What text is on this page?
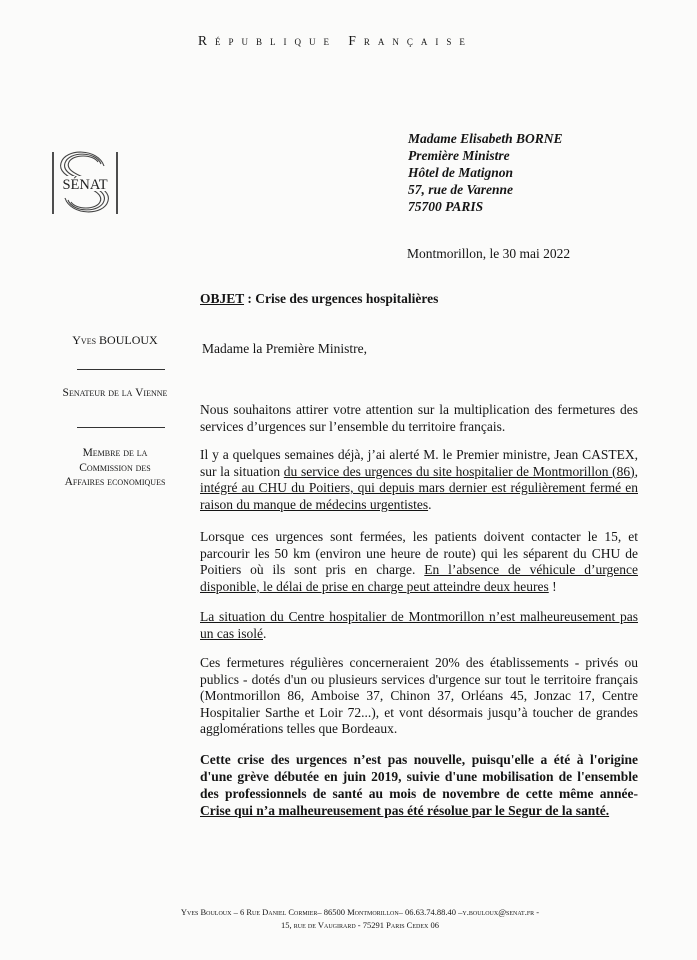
République Française
SÉNAT
Madame Elisabeth BORNE
Première Ministre
Hôtel de Matignon
57, rue de Varenne
75700 PARIS
Montmorillon, le 30 mai 2022
OBJET : Crise des urgences hospitalières
Yves BOULOUX
Senateur de la Vienne
Membre de la
Commission des
Affaires economiques
Madame la Première Ministre,
Nous souhaitons attirer votre attention sur la multiplication des fermetures des services d’urgences sur l’ensemble du territoire français.
Il y a quelques semaines déjà, j’ai alerté M. le Premier ministre, Jean CASTEX, sur la situation du service des urgences du site hospitalier de Montmorillon (86), intégré au CHU du Poitiers, qui depuis mars dernier est régulièrement fermé en raison du manque de médecins urgentistes.
Lorsque ces urgences sont fermées, les patients doivent contacter le 15, et parcourir les 50 km (environ une heure de route) qui les séparent du CHU de Poitiers où ils sont pris en charge. En l’absence de véhicule d’urgence disponible, le délai de prise en charge peut atteindre deux heures !
La situation du Centre hospitalier de Montmorillon n’est malheureusement pas un cas isolé.
Ces fermetures régulières concerneraient 20% des établissements - privés ou publics - dotés d'un ou plusieurs services d'urgence sur tout le territoire français (Montmorillon 86, Amboise 37, Chinon 37, Orléans 45, Jonzac 17, Centre Hospitalier Sarthe et Loir 72...), et vont désormais jusqu’à toucher de grandes agglomérations telles que Bordeaux.
Cette crise des urgences n’est pas nouvelle, puisqu'elle a été à l'origine d'une grève débutée en juin 2019, suivie d'une mobilisation de l'ensemble des professionnels de santé au mois de novembre de cette même année- Crise qui n’a malheureusement pas été résolue par le Segur de la santé.
Yves Bouloux – 6 Rue Daniel Cormier– 86500 Montmorillon– 06.63.74.88.40 –y.bouloux@senat.fr -
15, rue de Vaugirard - 75291 Paris Cedex 06
